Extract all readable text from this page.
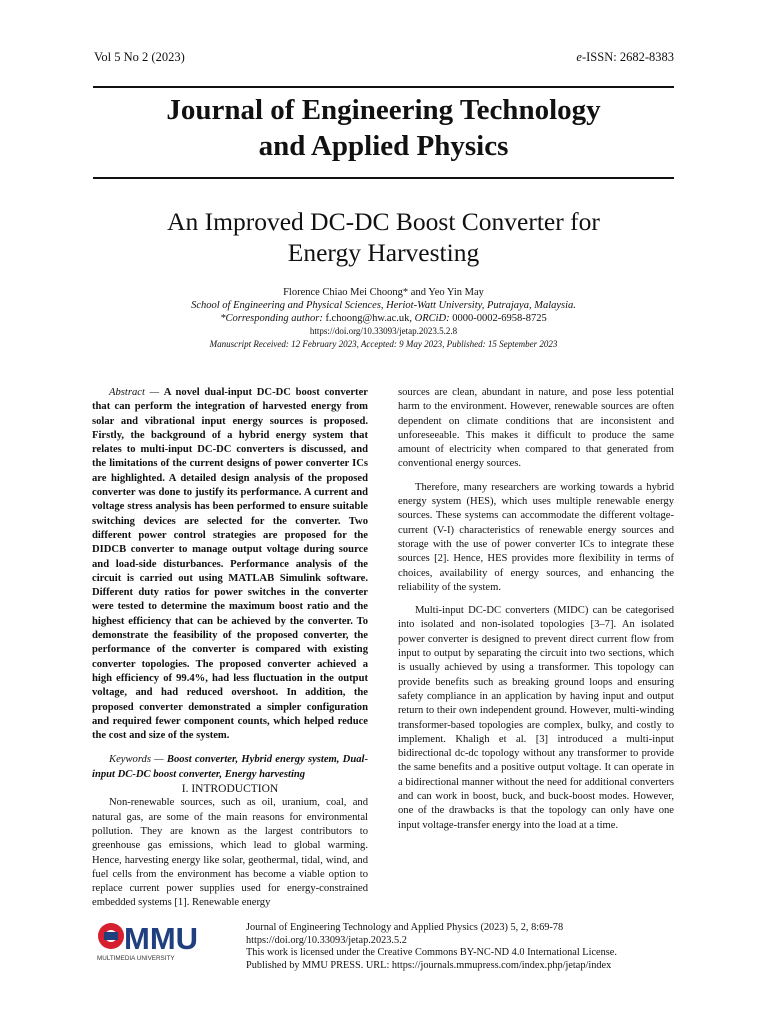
Vol 5 No 2 (2023)	e-ISSN: 2682-8383
Journal of Engineering Technology
and Applied Physics
An Improved DC-DC Boost Converter for
Energy Harvesting
Florence Chiao Mei Choong* and Yeo Yin May
School of Engineering and Physical Sciences, Heriot-Watt University, Putrajaya, Malaysia.
*Corresponding author: f.choong@hw.ac.uk, ORCiD: 0000-0002-6958-8725
https://doi.org/10.33093/jetap.2023.5.2.8
Manuscript Received: 12 February 2023, Accepted: 9 May 2023, Published: 15 September 2023

Abstract — A novel dual-input DC-DC boost converter that can perform the integration of harvested energy from solar and vibrational input energy sources is proposed. Firstly, the background of a hybrid energy system that relates to multi-input DC-DC converters is discussed, and the limitations of the current designs of power converter ICs are highlighted. A detailed design analysis of the proposed converter was done to justify its performance. A current and voltage stress analysis has been performed to ensure suitable switching devices are selected for the converter. Two different power control strategies are proposed for the DIDCB converter to manage output voltage during source and load-side disturbances. Performance analysis of the circuit is carried out using MATLAB Simulink software. Different duty ratios for power switches in the converter were tested to determine the maximum boost ratio and the highest efficiency that can be achieved by the converter. To demonstrate the feasibility of the proposed converter, the performance of the converter is compared with existing converter topologies. The proposed converter achieved a high efficiency of 99.4%, had less fluctuation in the output voltage, and had reduced overshoot. In addition, the proposed converter demonstrated a simpler configuration and required fewer component counts, which helped reduce the cost and size of the system.

Keywords — Boost converter, Hybrid energy system, Dual-input DC-DC boost converter, Energy harvesting

I. INTRODUCTION

Non-renewable sources, such as oil, uranium, coal, and natural gas, are some of the main reasons for environmental pollution. They are known as the largest contributors to greenhouse gas emissions, which lead to global warming. Hence, harvesting energy like solar, geothermal, tidal, wind, and fuel cells from the environment has become a viable option to replace current power supplies used for energy-constrained embedded systems [1]. Renewable energy

sources are clean, abundant in nature, and pose less potential harm to the environment. However, renewable sources are often dependent on climate conditions that are inconsistent and unforeseeable. This makes it difficult to produce the same amount of electricity when compared to that generated from conventional energy sources.

Therefore, many researchers are working towards a hybrid energy system (HES), which uses multiple renewable energy sources. These systems can accommodate the different voltage-current (V-I) characteristics of renewable energy sources and storage with the use of power converter ICs to integrate these sources [2]. Hence, HES provides more flexibility in terms of choices, availability of energy sources, and enhancing the reliability of the system.

Multi-input DC-DC converters (MIDC) can be categorised into isolated and non-isolated topologies [3–7]. An isolated power converter is designed to prevent direct current flow from input to output by separating the circuit into two sections, which is usually achieved by using a transformer. This topology can provide benefits such as breaking ground loops and ensuring safety compliance in an application by having input and output return to their own independent ground. However, multi-winding transformer-based topologies are complex, bulky, and costly to implement. Khaligh et al. [3] introduced a multi-input bidirectional dc-dc topology without any transformer to provide the same benefits and a positive output voltage. It can operate in a bidirectional manner without the need for additional converters and can work in boost, buck, and buck-boost modes. However, one of the drawbacks is that the topology can only have one input voltage-transfer energy into the load at a time.

MMU
MULTIMEDIA UNIVERSITY
Journal of Engineering Technology and Applied Physics (2023) 5, 2, 8:69-78
https://doi.org/10.33093/jetap.2023.5.2
This work is licensed under the Creative Commons BY-NC-ND 4.0 International License.
Published by MMU PRESS. URL: https://journals.mmupress.com/index.php/jetap/index
